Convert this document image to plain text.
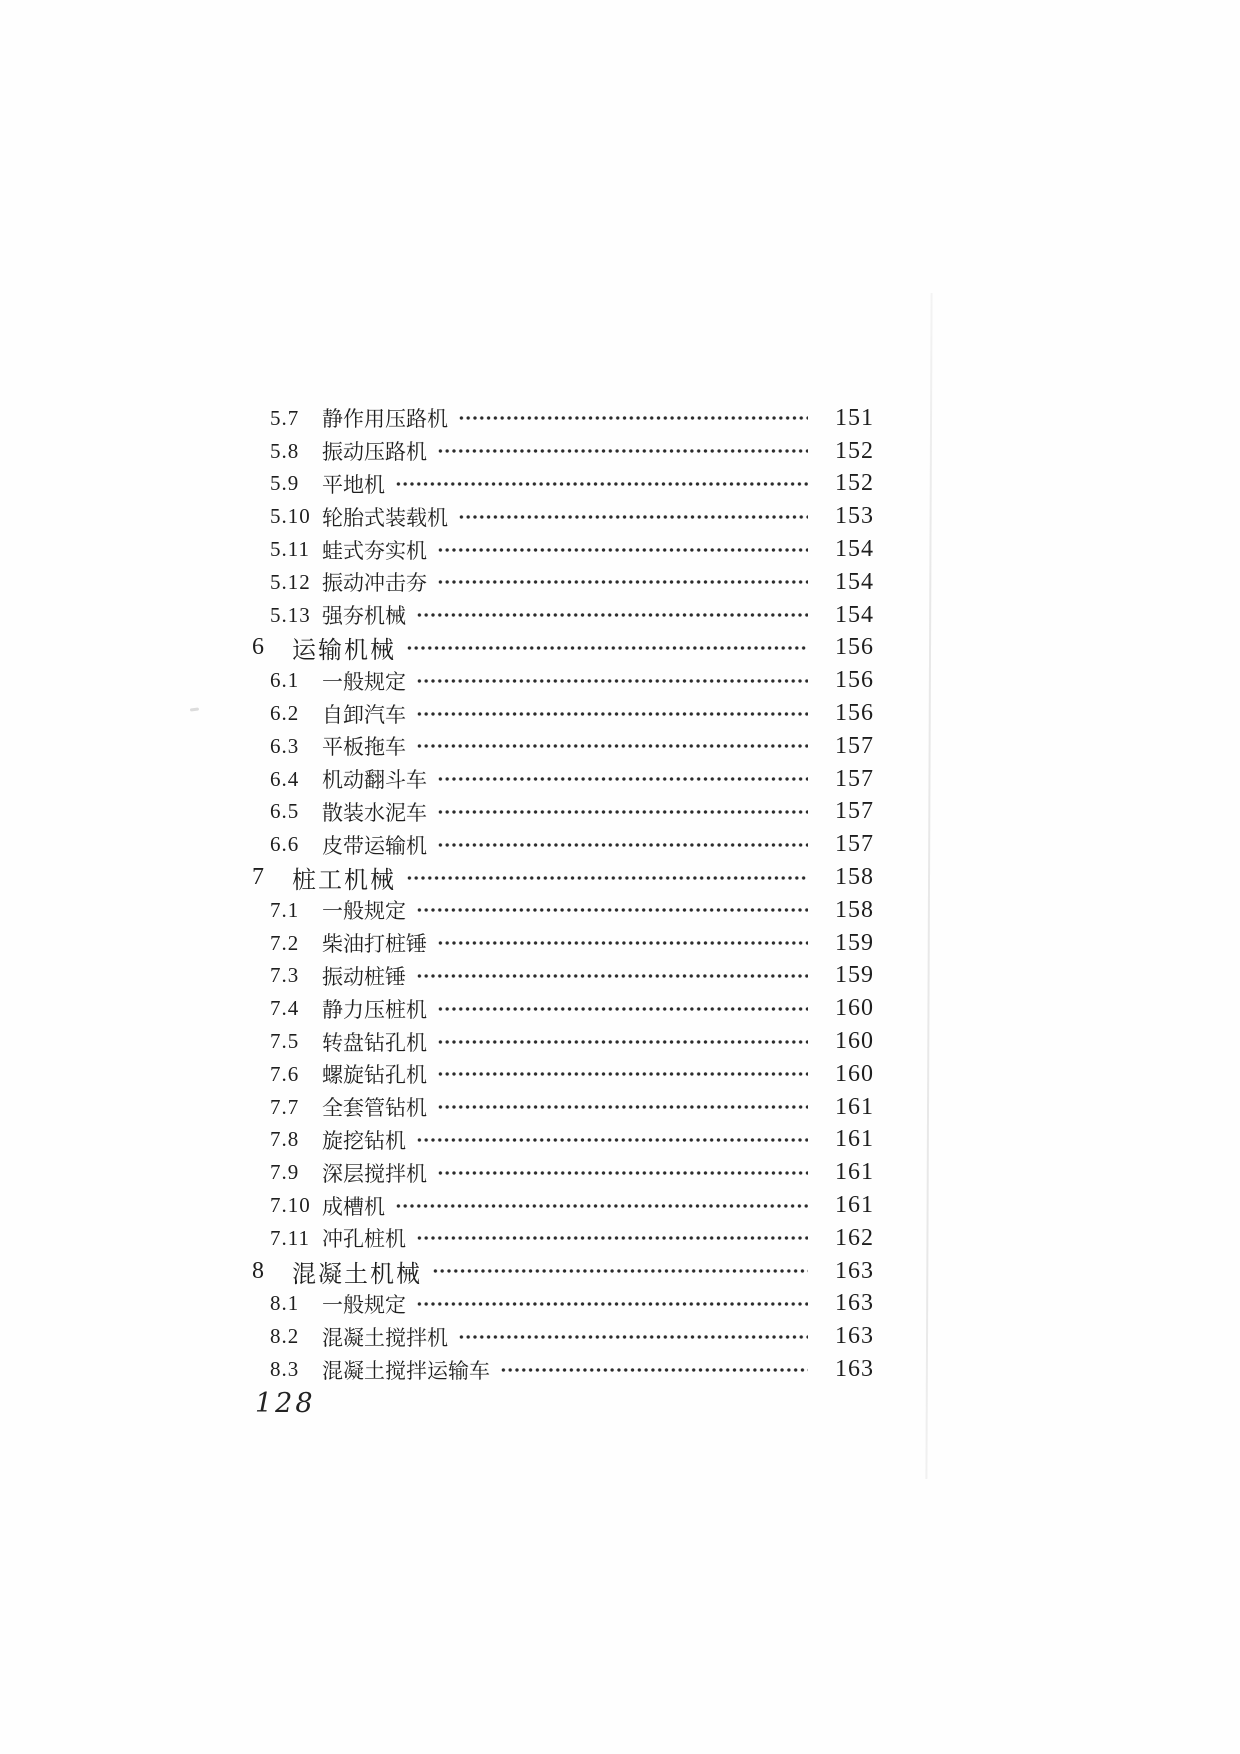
5.7	静作用压路机	151
5.8	振动压路机	152
5.9	平地机	152
5.10 轮胎式装载机	153
5.11 蛙式夯实机	154
5.12 振动冲击夯	154
5.13 强夯机械	154
6	运输机械	156
6.1	一般规定	156
6.2	自卸汽车	156
6.3	平板拖车	157
6.4	机动翻斗车	157
6.5	散装水泥车	157
6.6	皮带运输机	157
7	桩工机械	158
7.1	一般规定	158
7.2	柴油打桩锤	159
7.3	振动桩锤	159
7.4	静力压桩机	160
7.5	转盘钻孔机	160
7.6	螺旋钻孔机	160
7.7	全套管钻机	161
7.8	旋挖钻机	161
7.9	深层搅拌机	161
7.10 成槽机	161
7.11 冲孔桩机	162
8	混凝土机械	163
8.1	一般规定	163
8.2	混凝土搅拌机	163
8.3	混凝土搅拌运输车	163
128
